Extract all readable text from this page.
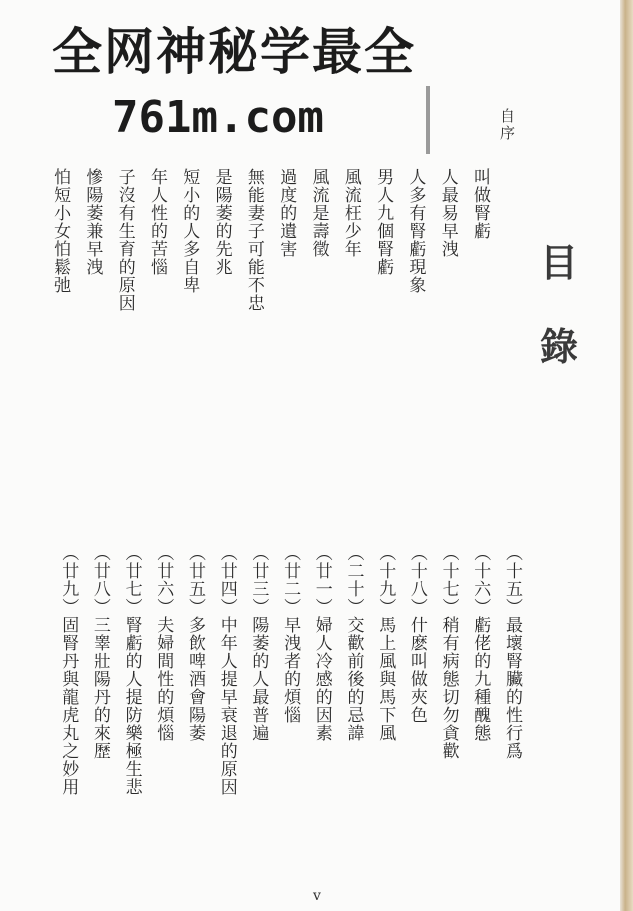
全网神秘学最全
761m.com	自序
目
錄
叫做腎虧
人最易早洩
人多有腎虧現象
男人九個腎虧
風流枉少年
風流是壽徵
過度的遺害
無能妻子可能不忠
是陽萎的先兆
短小的人多自卑
年人性的苦惱
子沒有生育的原因
慘陽萎兼早洩
怕短小女怕鬆弛
︵十五︶最壞腎臟的性行爲
︵十六︶虧佬的九種醜態
︵十七︶稍有病態切勿貪歡
︵十八︶什麽叫做夾色
︵十九︶馬上風與馬下風
︵二十︶交歡前後的忌諱
︵廿一︶婦人冷感的因素
︵廿二︶早洩者的煩惱
︵廿三︶陽萎的人最普遍
︵廿四︶中年人提早衰退的原因
︵廿五︶多飲啤酒會陽萎
︵廿六︶夫婦間性的煩惱
︵廿七︶腎虧的人提防樂極生悲
︵廿八︶三睾壯陽丹的來歷
︵廿九︶固腎丹與龍虎丸之妙用
v
